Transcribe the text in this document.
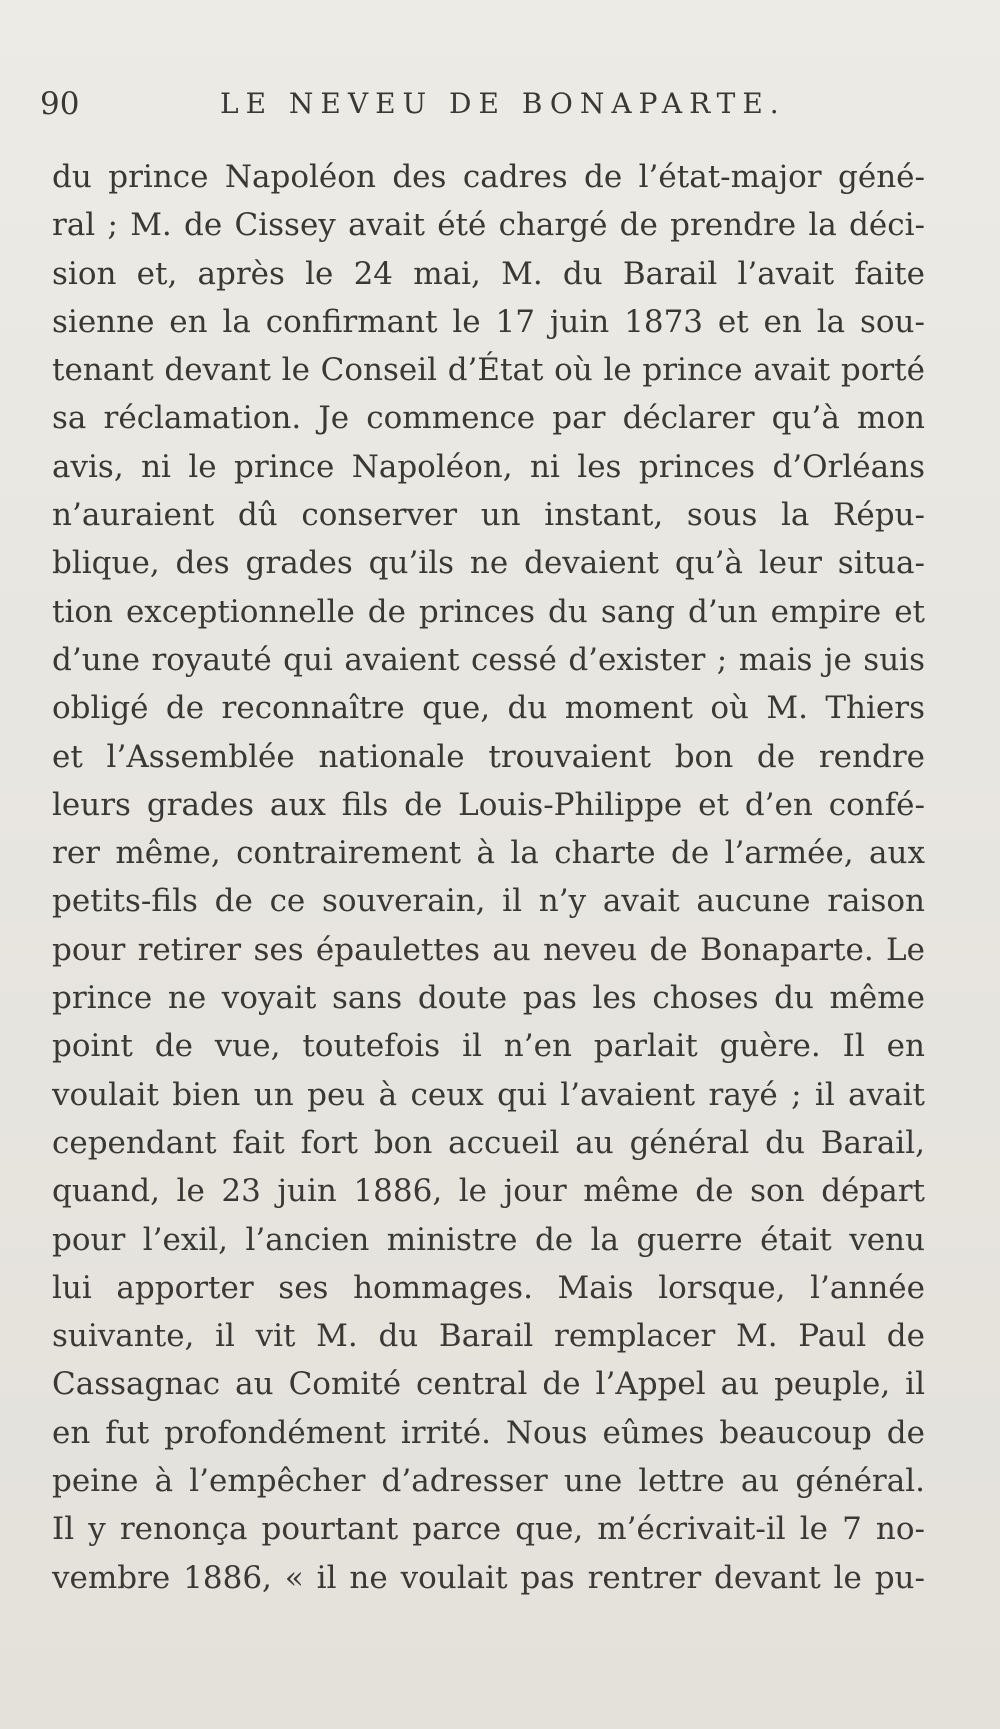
90	LE NEVEU DE BONAPARTE.
du prince Napoléon des cadres de l’état-major géné-
ral ; M. de Cissey avait été chargé de prendre la déci-
sion et, après le 24 mai, M. du Barail l’avait faite
sienne en la confirmant le 17 juin 1873 et en la sou-
tenant devant le Conseil d’État où le prince avait porté
sa réclamation. Je commence par déclarer qu’à mon
avis, ni le prince Napoléon, ni les princes d’Orléans
n’auraient dû conserver un instant, sous la Répu-
blique, des grades qu’ils ne devaient qu’à leur situa-
tion exceptionnelle de princes du sang d’un empire et
d’une royauté qui avaient cessé d’exister ; mais je suis
obligé de reconnaître que, du moment où M. Thiers
et l’Assemblée nationale trouvaient bon de rendre
leurs grades aux fils de Louis-Philippe et d’en confé-
rer même, contrairement à la charte de l’armée, aux
petits-fils de ce souverain, il n’y avait aucune raison
pour retirer ses épaulettes au neveu de Bonaparte. Le
prince ne voyait sans doute pas les choses du même
point de vue, toutefois il n’en parlait guère. Il en
voulait bien un peu à ceux qui l’avaient rayé ; il avait
cependant fait fort bon accueil au général du Barail,
quand, le 23 juin 1886, le jour même de son départ
pour l’exil, l’ancien ministre de la guerre était venu
lui apporter ses hommages. Mais lorsque, l’année
suivante, il vit M. du Barail remplacer M. Paul de
Cassagnac au Comité central de l’Appel au peuple, il
en fut profondément irrité. Nous eûmes beaucoup de
peine à l’empêcher d’adresser une lettre au général.
Il y renonça pourtant parce que, m’écrivait-il le 7 no-
vembre 1886, « il ne voulait pas rentrer devant le pu-
